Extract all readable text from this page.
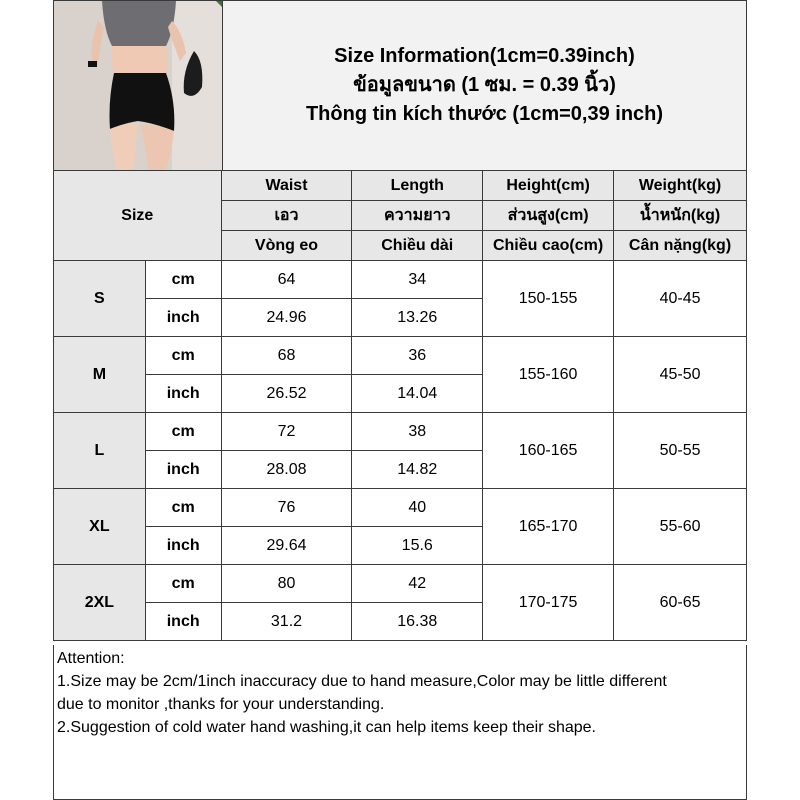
Size Information(1cm=0.39inch)
ข้อมูลขนาด (1 ซม. = 0.39 นิ้ว)
Thông tin kích thước (1cm=0,39 inch)
Size		Waist	Length	Height(cm)	Weight(kg)
		เอว	ความยาว	ส่วนสูง(cm)	น้ำหนัก(kg)
		Vòng eo	Chiều dài	Chiều cao(cm)	Cân nặng(kg)
S	cm	64	34	150-155	40-45
	inch	24.96	13.26		
M	cm	68	36	155-160	45-50
	inch	26.52	14.04		
L	cm	72	38	160-165	50-55
	inch	28.08	14.82		
XL	cm	76	40	165-170	55-60
	inch	29.64	15.6		
2XL	cm	80	42	170-175	60-65
	inch	31.2	16.38		
Attention:
1.Size may be 2cm/1inch inaccuracy due to hand measure,Color may be little different
due to monitor ,thanks for your understanding.
2.Suggestion of cold water hand washing,it can help items keep their shape.
